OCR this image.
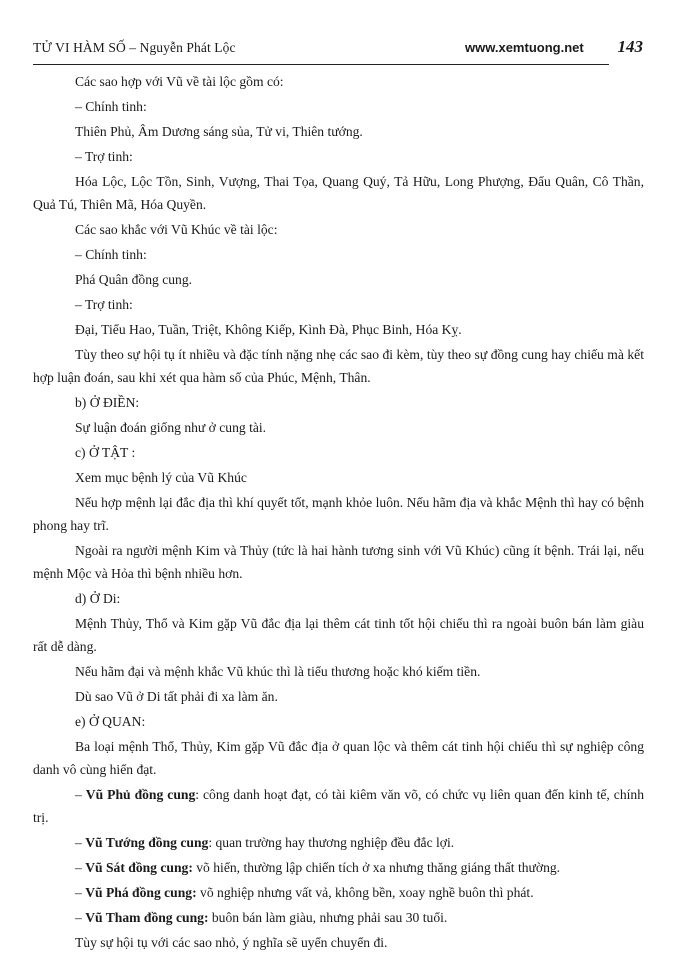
TỬ VI HÀM SỐ – Nguyễn Phát Lộc	www.xemtuong.net 143

Các sao hợp với Vũ về tài lộc gồm có:

– Chính tinh:

Thiên Phủ, Âm Dương sáng sủa, Tử vi, Thiên tướng.

– Trợ tinh:

Hóa Lộc, Lộc Tồn, Sinh, Vượng, Thai Tọa, Quang Quý, Tả Hữu, Long Phượng, Đẩu Quân, Cô Thần, Quả Tú, Thiên Mã, Hóa Quyền.

Các sao khắc với Vũ Khúc về tài lộc:

– Chính tinh:

Phá Quân đồng cung.

– Trợ tinh:

Đại, Tiểu Hao, Tuần, Triệt, Không Kiếp, Kình Đà, Phục Binh, Hóa Kỵ.

Tùy theo sự hội tụ ít nhiều và đặc tính nặng nhẹ các sao đi kèm, tùy theo sự đồng cung hay chiếu mà kết hợp luận đoán, sau khi xét qua hàm số của Phúc, Mệnh, Thân.

b) Ở ĐIỀN:

Sự luận đoán giống như ở cung tài.

c) Ở TẬT :

Xem mục bệnh lý của Vũ Khúc

Nếu hợp mệnh lại đắc địa thì khí quyết tốt, mạnh khỏe luôn. Nếu hãm địa và khắc Mệnh thì hay có bệnh phong hay trĩ.

Ngoài ra người mệnh Kim và Thủy (tức là hai hành tương sinh với Vũ Khúc) cũng ít bệnh. Trái lại, nếu mệnh Mộc và Hỏa thì bệnh nhiều hơn.

d) Ở Di:

Mệnh Thủy, Thổ và Kim gặp Vũ đắc địa lại thêm cát tinh tốt hội chiếu thì ra ngoài buôn bán làm giàu rất dễ dàng.

Nếu hãm đại và mệnh khắc Vũ khúc thì là tiểu thương hoặc khó kiếm tiền.

Dù sao Vũ ở Di tất phải đi xa làm ăn.

e) Ở QUAN:

Ba loại mệnh Thổ, Thủy, Kim gặp Vũ đắc địa ở quan lộc và thêm cát tinh hội chiếu thì sự nghiệp công danh vô cùng hiển đạt.

– Vũ Phủ đồng cung: công danh hoạt đạt, có tài kiêm văn võ, có chức vụ liên quan đến kinh tế, chính trị.

– Vũ Tướng đồng cung: quan trường hay thương nghiệp đều đắc lợi.

– Vũ Sát đồng cung: võ hiển, thường lập chiến tích ở xa nhưng thăng giáng thất thường.

– Vũ Phá đồng cung: võ nghiệp nhưng vất vả, không bền, xoay nghề buôn thì phát.

– Vũ Tham đồng cung: buôn bán làm giàu, nhưng phải sau 30 tuổi.

Tùy sự hội tụ với các sao nhỏ, ý nghĩa sẽ uyển chuyển đi.
